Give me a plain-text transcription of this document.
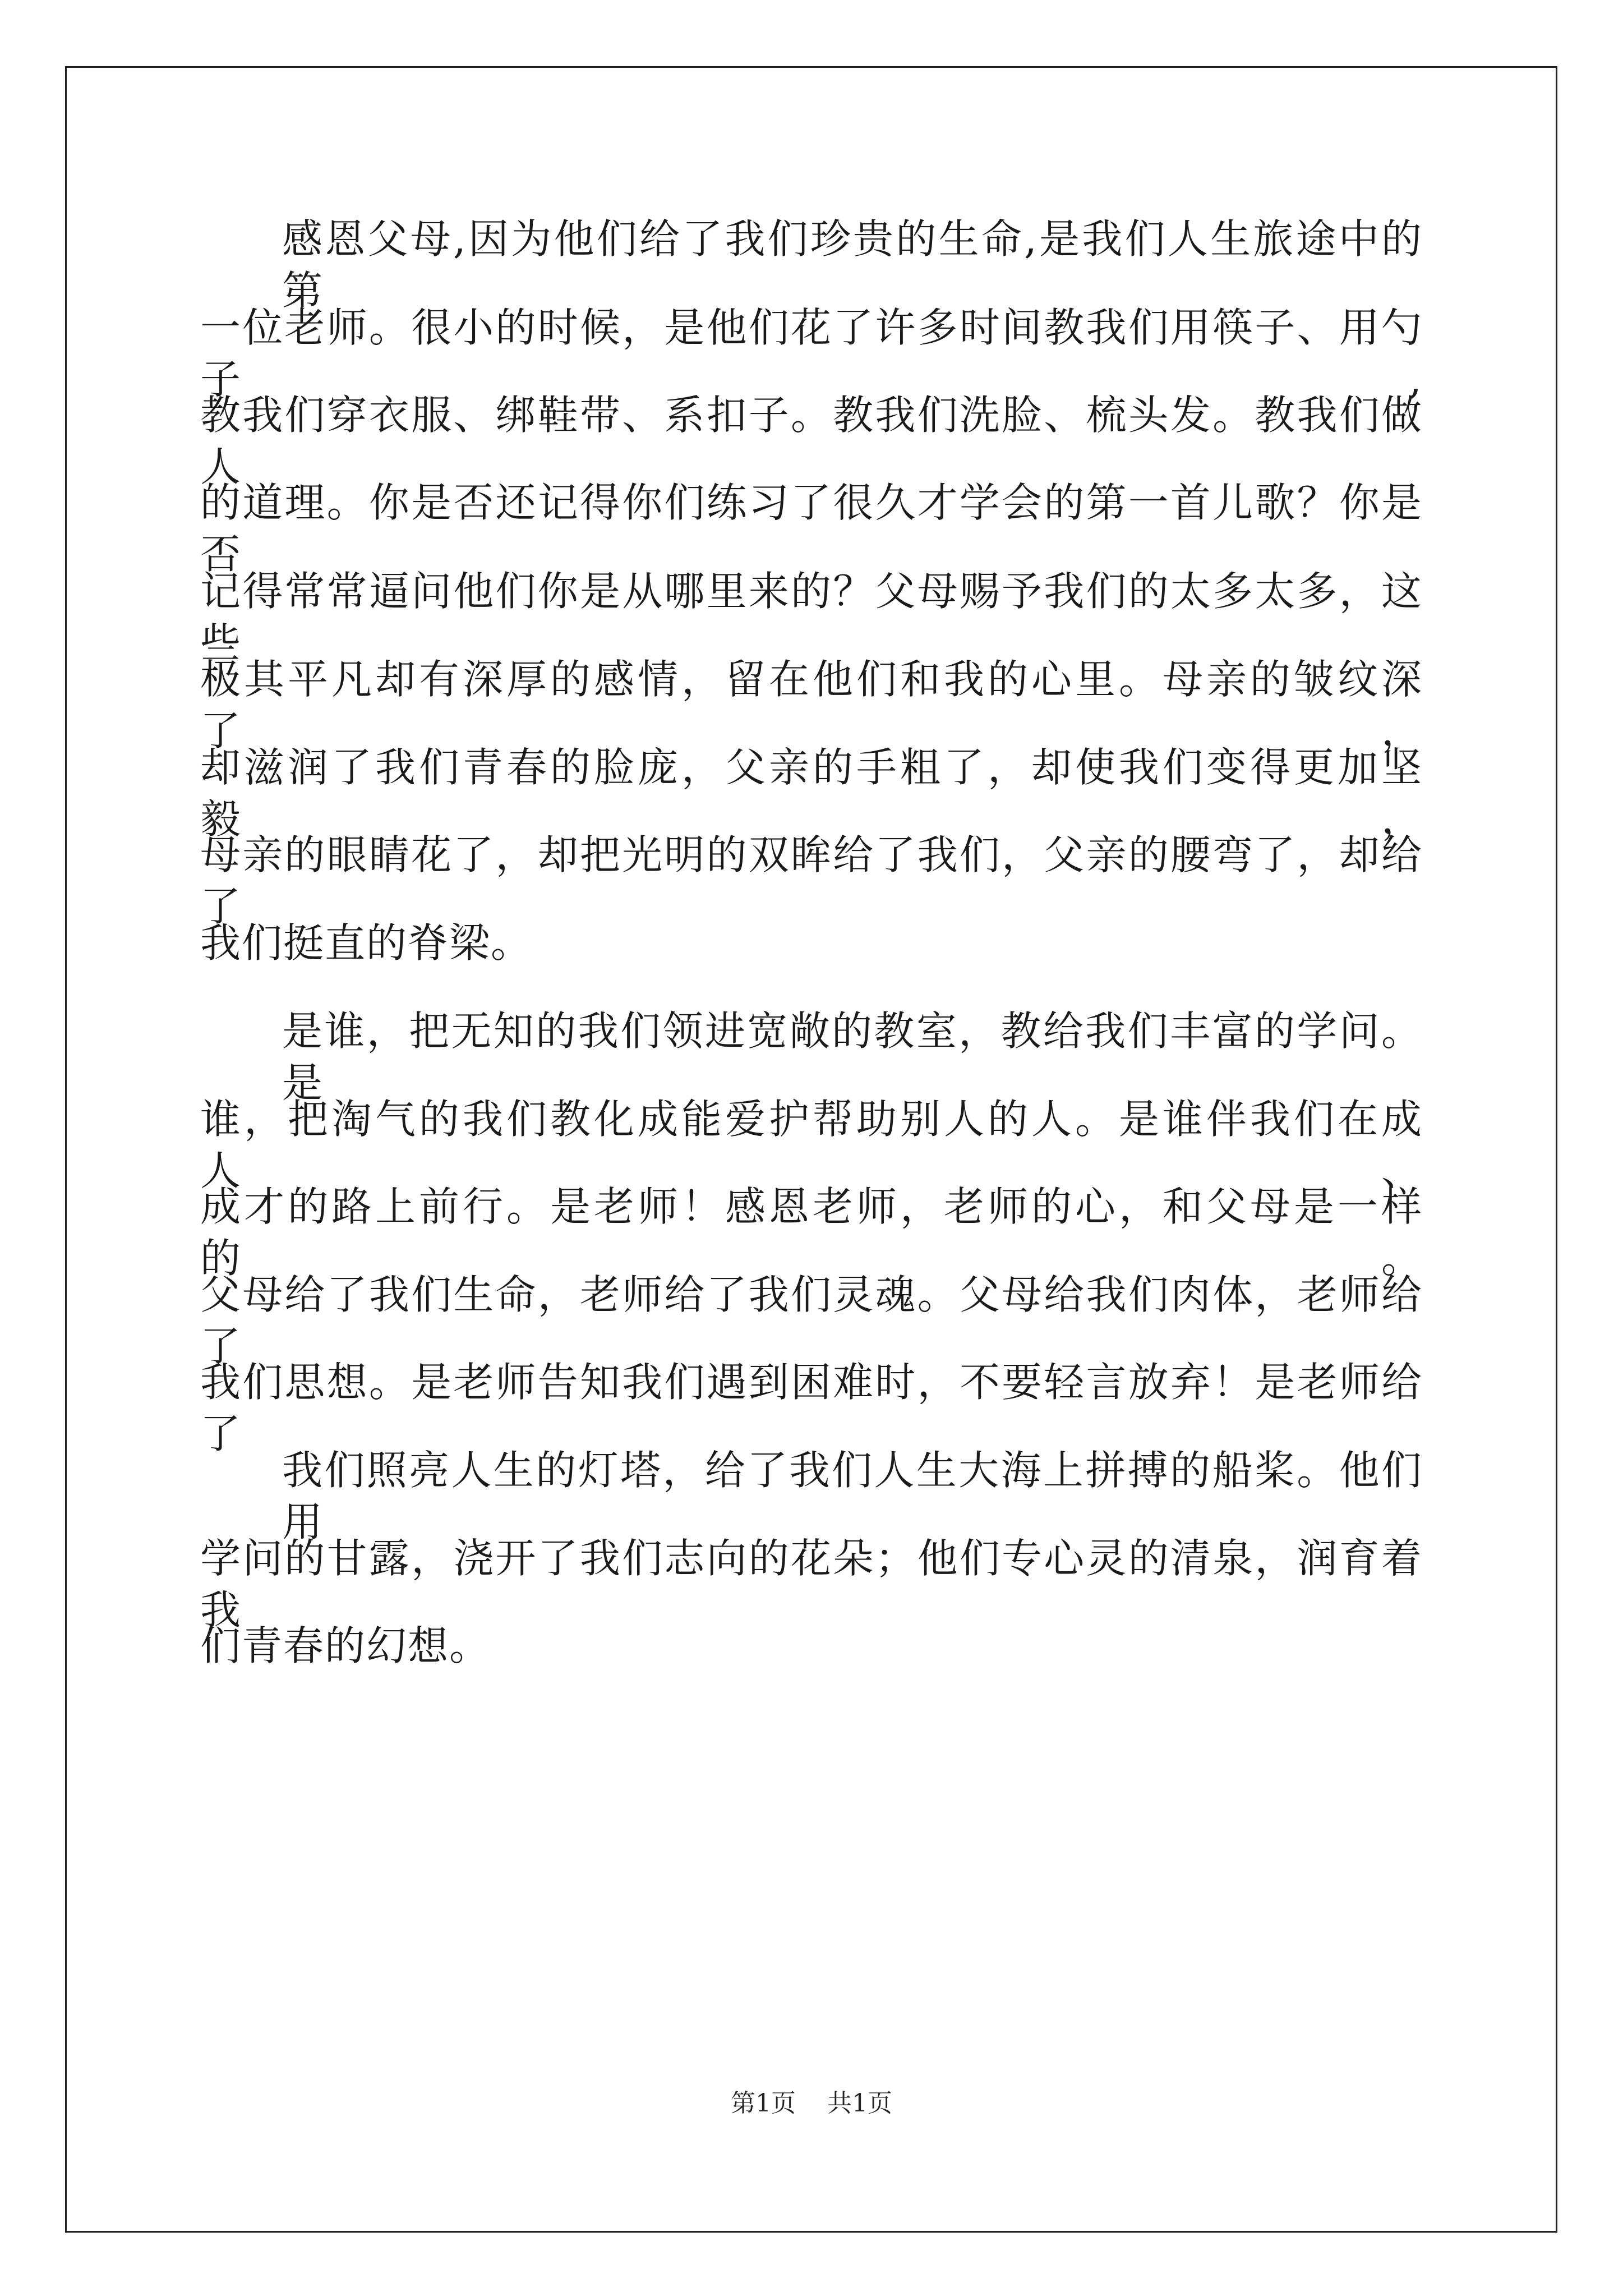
感恩父母,因为他们给了我们珍贵的生命,是我们人生旅途中的第
一位老师。很小的时候，是他们花了许多时间教我们用筷子、用勺子,
教我们穿衣服、绑鞋带、系扣子。教我们洗脸、梳头发。教我们做人
的道理。你是否还记得你们练习了很久才学会的第一首儿歌？你是否
记得常常逼问他们你是从哪里来的？父母赐予我们的太多太多，这些
极其平凡却有深厚的感情，留在他们和我的心里。母亲的皱纹深了，
却滋润了我们青春的脸庞，父亲的手粗了，却使我们变得更加坚毅，
母亲的眼睛花了，却把光明的双眸给了我们，父亲的腰弯了，却给了
我们挺直的脊梁。
是谁，把无知的我们领进宽敞的教室，教给我们丰富的学问。是
谁，把淘气的我们教化成能爱护帮助别人的人。是谁伴我们在成人、
成才的路上前行。是老师！感恩老师，老师的心，和父母是一样的。
父母给了我们生命，老师给了我们灵魂。父母给我们肉体，老师给了
我们思想。是老师告知我们遇到困难时，不要轻言放弃！是老师给了
我们照亮人生的灯塔，给了我们人生大海上拼搏的船桨。他们用
学问的甘露，浇开了我们志向的花朵；他们专心灵的清泉，润育着我
们青春的幻想。
第1页 共1页
